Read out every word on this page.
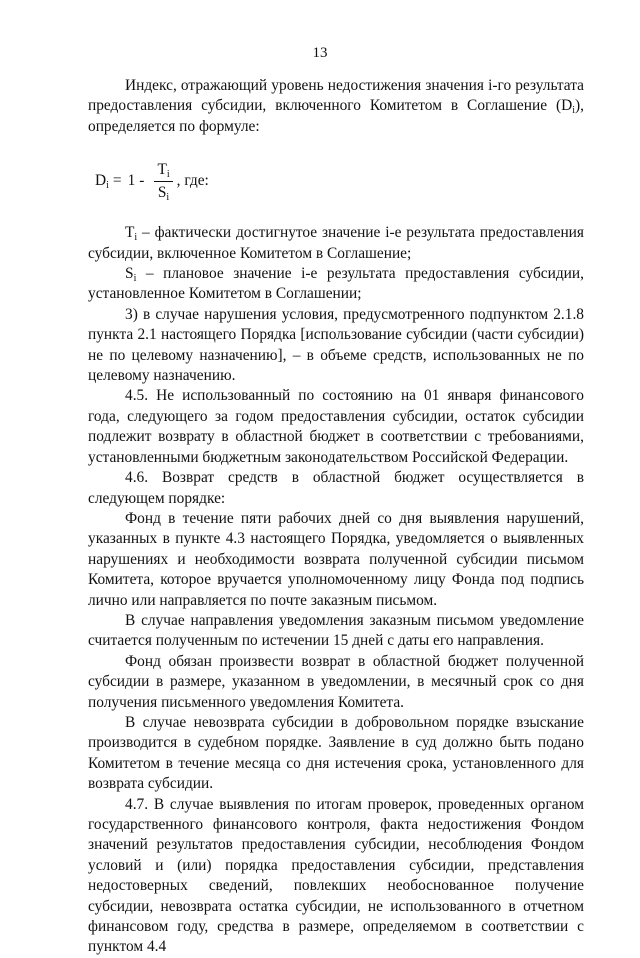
13

Индекс, отражающий уровень недостижения значения i-го результата предоставления субсидии, включенного Комитетом в Соглашение $(D_i)$, определяется по формуле:

$D_i = 1 - \frac{T_i}{S_i}$ , где:

$T_i$ – фактически достигнутое значение i-е результата предоставления субсидии, включенное Комитетом в Соглашение;

$S_i$ – плановое значение i-е результата предоставления субсидии, установленное Комитетом в Соглашении;

3) в случае нарушения условия, предусмотренного подпунктом 2.1.8 пункта 2.1 настоящего Порядка [использование субсидии (части субсидии) не по целевому назначению], – в объеме средств, использованных не по целевому назначению.

4.5. Не использованный по состоянию на 01 января финансового года, следующего за годом предоставления субсидии, остаток субсидии подлежит возврату в областной бюджет в соответствии с требованиями, установленными бюджетным законодательством Российской Федерации.

4.6. Возврат средств в областной бюджет осуществляется в следующем порядке:

Фонд в течение пяти рабочих дней со дня выявления нарушений, указанных в пункте 4.3 настоящего Порядка, уведомляется о выявленных нарушениях и необходимости возврата полученной субсидии письмом Комитета, которое вручается уполномоченному лицу Фонда под подпись лично или направляется по почте заказным письмом.

В случае направления уведомления заказным письмом уведомление считается полученным по истечении 15 дней с даты его направления.

Фонд обязан произвести возврат в областной бюджет полученной субсидии в размере, указанном в уведомлении, в месячный срок со дня получения письменного уведомления Комитета.

В случае невозврата субсидии в добровольном порядке взыскание производится в судебном порядке. Заявление в суд должно быть подано Комитетом в течение месяца со дня истечения срока, установленного для возврата субсидии.

4.7. В случае выявления по итогам проверок, проведенных органом государственного финансового контроля, факта недостижения Фондом значений результатов предоставления субсидии, несоблюдения Фондом условий и (или) порядка предоставления субсидии, представления недостоверных сведений, повлекших необоснованное получение субсидии, невозврата остатка субсидии, не использованного в отчетном финансовом году, средства в размере, определяемом в соответствии с пунктом 4.4
